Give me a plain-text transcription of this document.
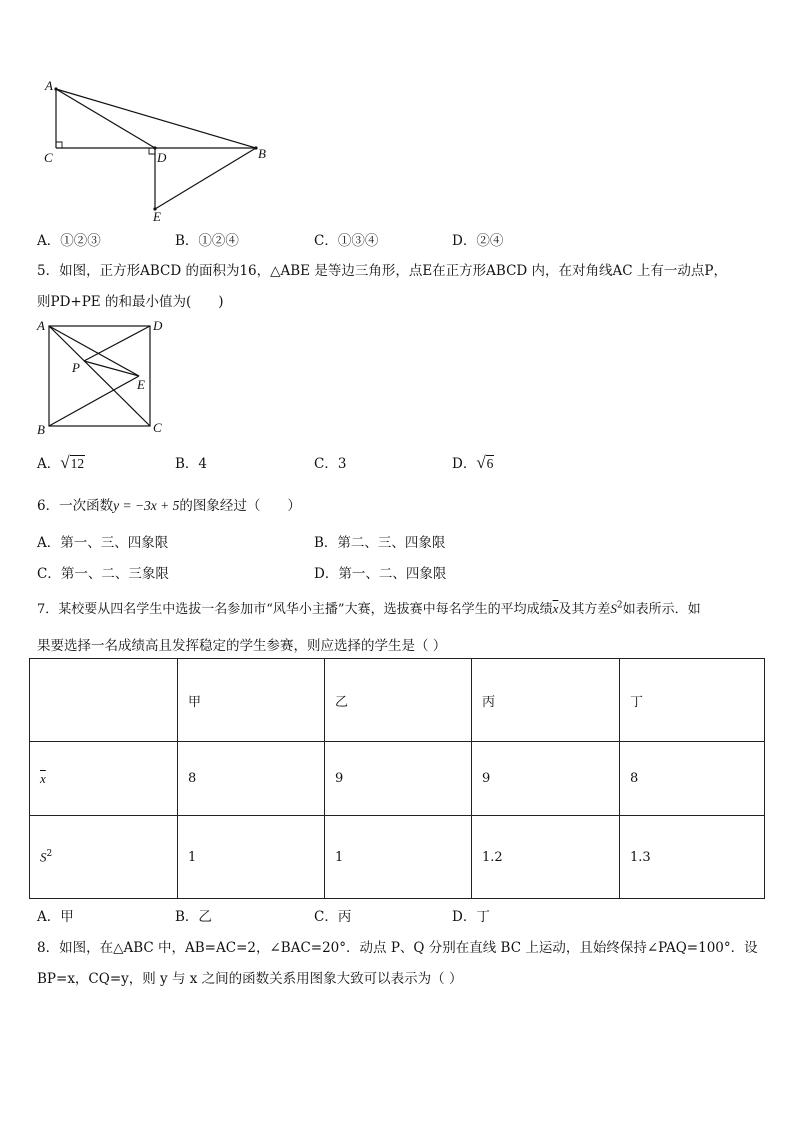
A
C	D	B
E
A．①②③	B．①②④	C．①③④	D．②④
5．如图，正方形ABCD 的面积为16，△ABE 是等边三角形，点E在正方形ABCD 内，在对角线AC 上有一动点P，
则PD+PE 的和最小值为(　　)
A	D
P
E
B	C
A．√12	B．4	C．3	D．√6
6．一次函数y = −3x + 5的图象经过（　　）
A．第一、三、四象限	B．第二、三、四象限
C．第一、二、三象限	D．第一、二、四象限
7．某校要从四名学生中选拔一名参加市“风华小主播”大赛，选拔赛中每名学生的平均成绩$\overline{x}$及其方差$S^2$如表所示．如
果要选择一名成绩高且发挥稳定的学生参赛，则应选择的学生是（ ）
	甲	乙	丙	丁
$\overline{x}$	8	9	9	8
$S^2$	1	1	1.2	1.3
A．甲	B．乙	C．丙	D．丁
8．如图，在△ABC 中，AB=AC=2，∠BAC=20°．动点 P、Q 分别在直线 BC 上运动，且始终保持∠PAQ=100°．设
BP=x，CQ=y，则 y 与 x 之间的函数关系用图象大致可以表示为（ ）
